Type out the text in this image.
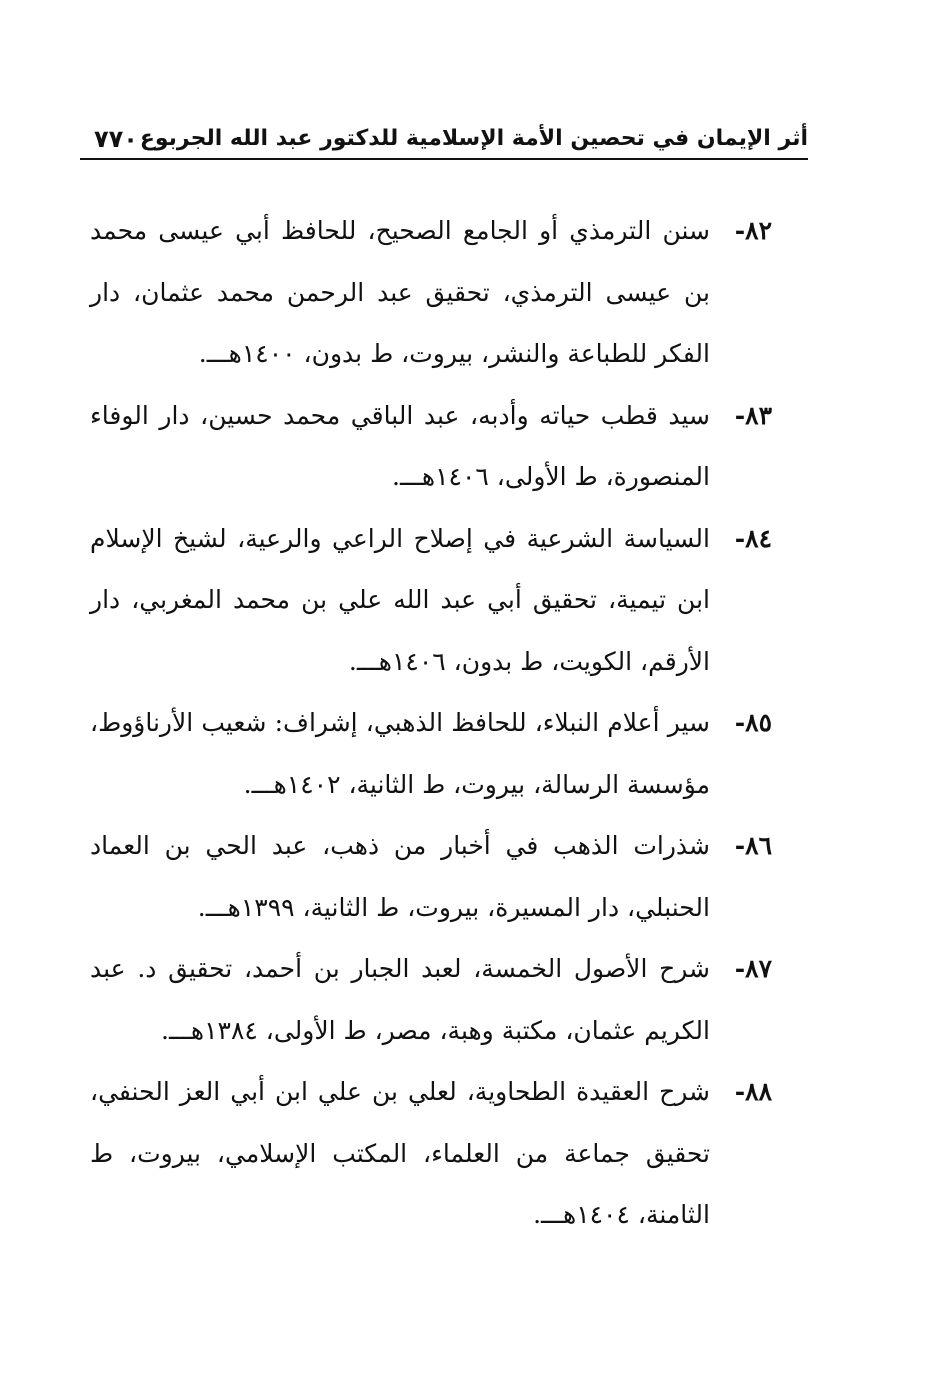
أثر الإيمان في تحصين الأمة الإسلامية للدكتور عبد الله الجربوع
٧٧٠
٨٢-
سنن الترمذي أو الجامع الصحيح، للحافظ أبي عيسى محمد بن عيسى الترمذي، تحقيق عبد الرحمن محمد عثمان، دار الفكر للطباعة والنشر، بيروت، ط بدون، ١٤٠٠هـــ.
٨٣-
سيد قطب حياته وأدبه، عبد الباقي محمد حسين، دار الوفاء المنصورة، ط الأولى، ١٤٠٦هـــ.
٨٤-
السياسة الشرعية في إصلاح الراعي والرعية، لشيخ الإسلام ابن تيمية، تحقيق أبي عبد الله علي بن محمد المغربي، دار الأرقم، الكويت، ط بدون، ١٤٠٦هـــ.
٨٥-
سير أعلام النبلاء، للحافظ الذهبي، إشراف: شعيب الأرناؤوط، مؤسسة الرسالة، بيروت، ط الثانية، ١٤٠٢هـــ.
٨٦-
شذرات الذهب في أخبار من ذهب، عبد الحي بن العماد الحنبلي، دار المسيرة، بيروت، ط الثانية، ١٣٩٩هـــ.
٨٧-
شرح الأصول الخمسة، لعبد الجبار بن أحمد، تحقيق د. عبد الكريم عثمان، مكتبة وهبة، مصر، ط الأولى، ١٣٨٤هـــ.
٨٨-
شرح العقيدة الطحاوية، لعلي بن علي ابن أبي العز الحنفي، تحقيق جماعة من العلماء، المكتب الإسلامي، بيروت، ط الثامنة، ١٤٠٤هـــ.
